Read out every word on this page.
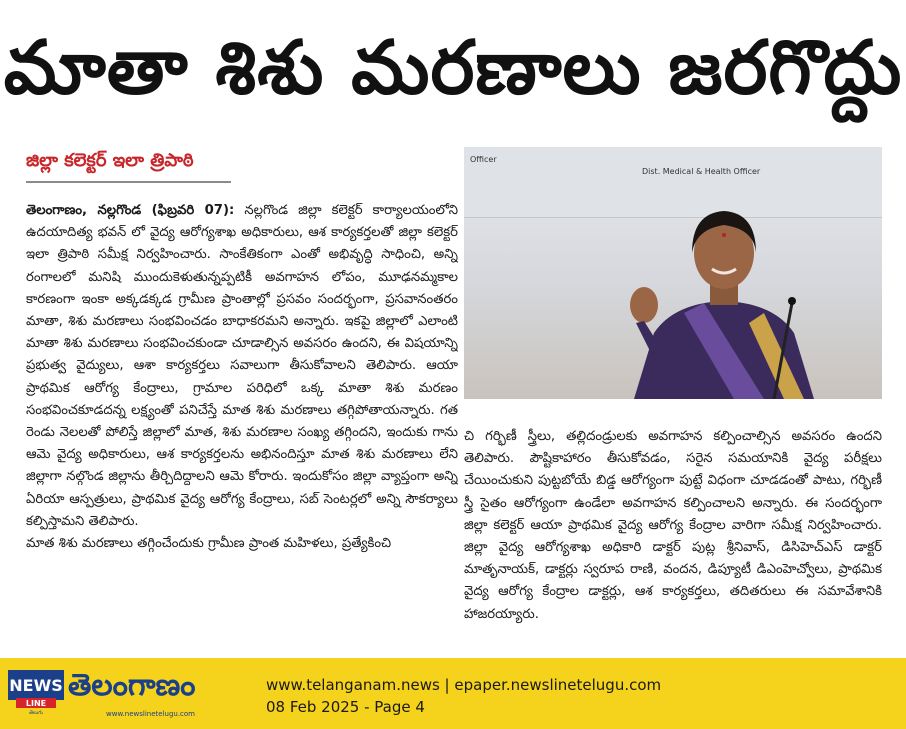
మాతా శిశు మరణాలు జరగొద్దు
జిల్లా కలెక్టర్ ఇలా త్రిపాఠి
తెలంగాణం, నల్లగొండ (ఫిబ్రవరి 07): నల్లగొండ జిల్లా కలెక్టర్ కార్యాలయంలోని ఉదయాదిత్య భవన్ లో వైద్య ఆరోగ్యశాఖ అధికారులు, ఆశ కార్యకర్తలతో జిల్లా కలెక్టర్ ఇలా త్రిపాఠి సమీక్ష నిర్వహించారు. సాంకేతికంగా ఎంతో అభివృద్ధి సాధించి, అన్ని రంగాలలో మనిషి ముందుకెళుతున్నప్పటికీ అవగాహన లోపం, మూఢనమ్మకాల కారణంగా ఇంకా అక్కడక్కడ గ్రామీణ ప్రాంతాల్లో ప్రసవం సందర్భంగా, ప్రసవానంతరం మాతా, శిశు మరణాలు సంభవించడం బాధాకరమని అన్నారు. ఇకపై జిల్లాలో ఎలాంటి మాతా శిశు మరణాలు సంభవించకుండా చూడాల్సిన అవసరం ఉందని, ఈ విషయాన్ని ప్రభుత్వ వైద్యులు, ఆశా కార్యకర్తలు సవాలుగా తీసుకోవాలని తెలిపారు. ఆయా ప్రాథమిక ఆరోగ్య కేంద్రాలు, గ్రామాల పరిధిలో ఒక్క మాతా శిశు మరణం సంభవించకూడదన్న లక్ష్యంతో పనిచేస్తే మాత శిశు మరణాలు తగ్గిపోతాయన్నారు. గత రెండు నెలలతో పోలిస్తే జిల్లాలో మాత, శిశు మరణాల సంఖ్య తగ్గిందని, ఇందుకు గాను ఆమె వైద్య అధికారులు, ఆశ కార్యకర్తలను అభినందిస్తూ మాత శిశు మరణాలు లేని జిల్లాగా నల్గొండ జిల్లాను తీర్చిదిద్దాలని ఆమె కోరారు. ఇందుకోసం జిల్లా వ్యాప్తంగా అన్ని ఏరియా ఆస్పత్రులు, ప్రాథమిక వైద్య ఆరోగ్య కేంద్రాలు, సబ్ సెంటర్లలో అన్ని సౌకర్యాలు కల్పిస్తామని తెలిపారు.
మాత శిశు మరణాలు తగ్గించేందుకు గ్రామీణ ప్రాంత మహిళలు, ప్రత్యేకించి
Officer
Dist. Medical & Health Officer
చి గర్భిణీ స్త్రీలు, తల్లిదండ్రులకు అవగాహన కల్పించాల్సిన అవసరం ఉందని తెలిపారు. పౌష్టికాహారం తీసుకోవడం, సరైన సమయానికి వైద్య పరీక్షలు చేయించుకుని పుట్టబోయే బిడ్డ ఆరోగ్యంగా పుట్టే విధంగా చూడడంతో పాటు, గర్భిణీ స్త్రీ సైతం ఆరోగ్యంగా ఉండేలా అవగాహన కల్పించాలని అన్నారు. ఈ సందర్భంగా జిల్లా కలెక్టర్ ఆయా ప్రాథమిక వైద్య ఆరోగ్య కేంద్రాల వారిగా సమీక్ష నిర్వహించారు. జిల్లా వైద్య ఆరోగ్యశాఖ అధికారి డాక్టర్ పుట్ల శ్రీనివాస్, డిసిహెచ్ఎస్ డాక్టర్ మాతృనాయక్, డాక్టర్లు స్వరూప రాణి, వందన, డిప్యూటీ డిఎంహెచ్వోలు, ప్రాథమిక వైద్య ఆరోగ్య కేంద్రాల డాక్టర్లు, ఆశ కార్యకర్తలు, తదితరులు ఈ సమావేశానికి హాజరయ్యారు.
NEWS
LINE
తెలుగు
తెలంగాణం
www.newslinetelugu.com
www.telanganam.news | epaper.newslinetelugu.com
08 Feb 2025 - Page 4
